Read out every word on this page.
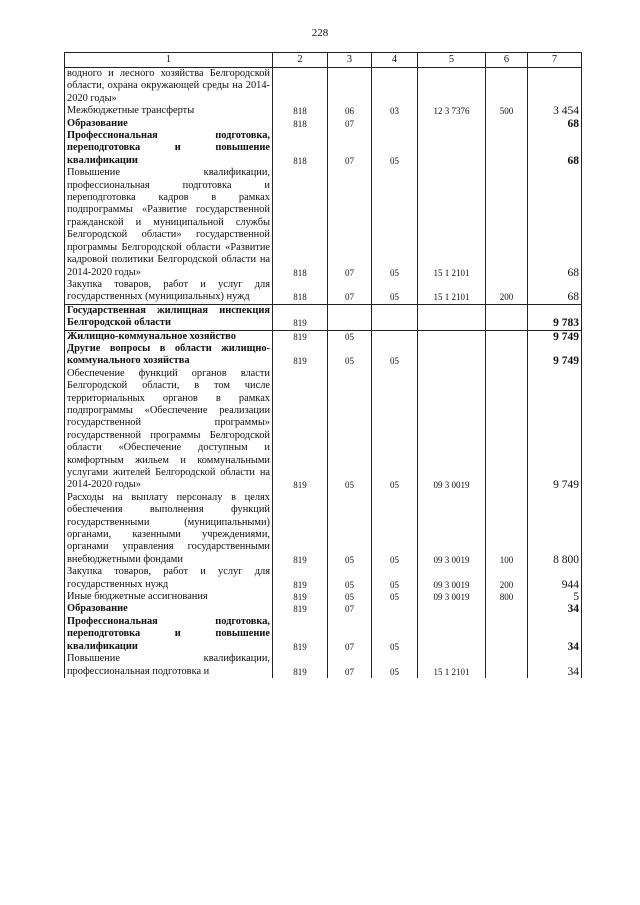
228
1	2	3	4	5	6	7
водного и лесного хозяйства Белгородской области, охрана окружающей среды на 2014-2020 годы»						
Межбюджетные трансферты	818	06	03	12 3 7376	500	3 454
Образование	818	07				68
Профессиональная подготовка, переподготовка и повышение квалификации	818	07	05			68
Повышение квалификации, профессиональная подготовка и переподготовка кадров в рамках подпрограммы «Развитие государственной гражданской и муниципальной службы Белгородской области» государственной программы Белгородской области «Развитие кадровой политики Белгородской области на 2014-2020 годы»	818	07	05	15 1 2101		68
Закупка товаров, работ и услуг для государственных (муниципальных) нужд	818	07	05	15 1 2101	200	68
Государственная жилищная инспекция Белгородской области	819					9 783
Жилищно-коммунальное хозяйство	819	05				9 749
Другие вопросы в области жилищно-коммунального хозяйства	819	05	05			9 749
Обеспечение функций органов власти Белгородской области, в том числе территориальных органов в рамках подпрограммы «Обеспечение реализации государственной программы» государственной программы Белгородской области «Обеспечение доступным и комфортным жильем и коммунальными услугами жителей Белгородской области на 2014-2020 годы»	819	05	05	09 3 0019		9 749
Расходы на выплату персоналу в целях обеспечения выполнения функций государственными (муниципальными) органами, казенными учреждениями, органами управления государственными внебюджетными фондами	819	05	05	09 3 0019	100	8 800
Закупка товаров, работ и услуг для государственных нужд	819	05	05	09 3 0019	200	944
Иные бюджетные ассигнования	819	05	05	09 3 0019	800	5
Образование	819	07				34
Профессиональная подготовка, переподготовка и повышение квалификации	819	07	05			34
Повышение квалификации, профессиональная подготовка и	819	07	05	15 1 2101		34
